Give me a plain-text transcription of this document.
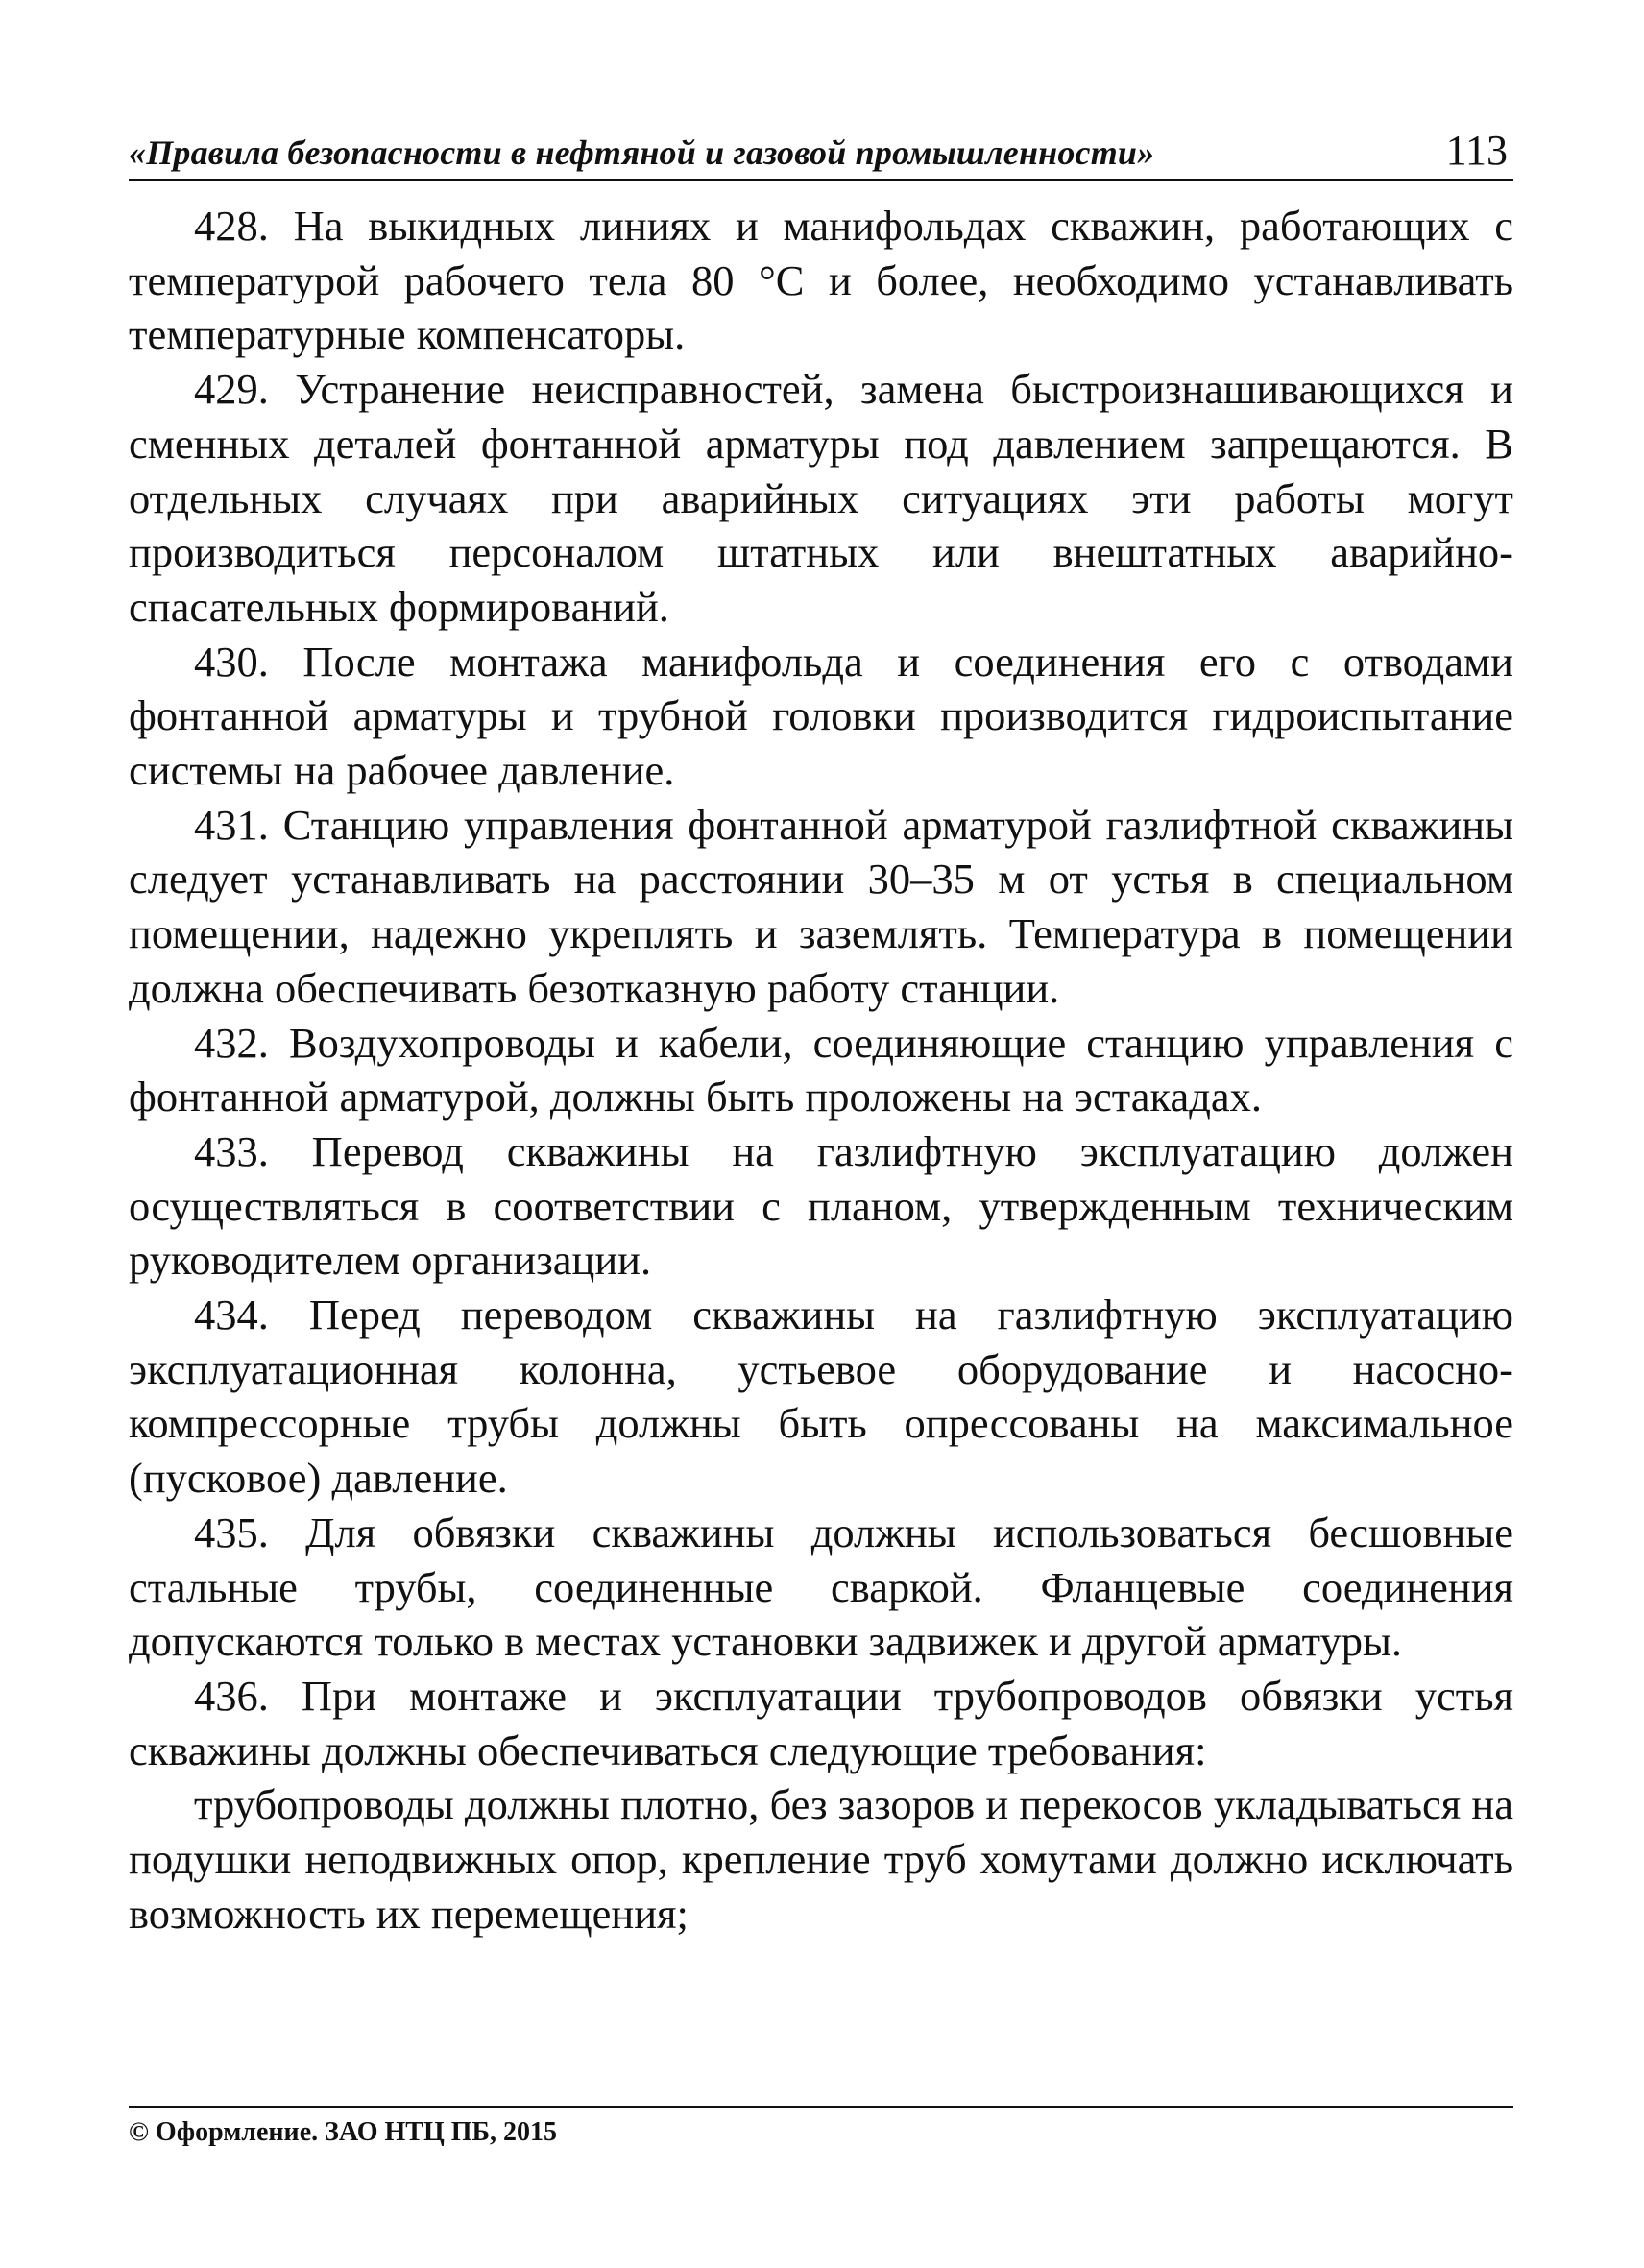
«Правила безопасности в нефтяной и газовой промышленности»	113

428. На выкидных линиях и манифольдах скважин, работающих с температурой рабочего тела 80 °С и более, необходимо устанавливать температурные компенсаторы.

429. Устранение неисправностей, замена быстроизнашивающихся и сменных деталей фонтанной арматуры под давлением запрещаются. В отдельных случаях при аварийных ситуациях эти работы могут производиться персоналом штатных или внештатных аварийно-спасательных формирований.

430. После монтажа манифольда и соединения его с отводами фонтанной арматуры и трубной головки производится гидроиспытание системы на рабочее давление.

431. Станцию управления фонтанной арматурой газлифтной скважины следует устанавливать на расстоянии 30–35 м от устья в специальном помещении, надежно укреплять и заземлять. Температура в помещении должна обеспечивать безотказную работу станции.

432. Воздухопроводы и кабели, соединяющие станцию управления с фонтанной арматурой, должны быть проложены на эстакадах.

433. Перевод скважины на газлифтную эксплуатацию должен осуществляться в соответствии с планом, утвержденным техническим руководителем организации.

434. Перед переводом скважины на газлифтную эксплуатацию эксплуатационная колонна, устьевое оборудование и насосно-компрессорные трубы должны быть опрессованы на максимальное (пусковое) давление.

435. Для обвязки скважины должны использоваться бесшовные стальные трубы, соединенные сваркой. Фланцевые соединения допускаются только в местах установки задвижек и другой арматуры.

436. При монтаже и эксплуатации трубопроводов обвязки устья скважины должны обеспечиваться следующие требования:

трубопроводы должны плотно, без зазоров и перекосов укладываться на подушки неподвижных опор, крепление труб хомутами должно исключать возможность их перемещения;

© Оформление. ЗАО НТЦ ПБ, 2015
